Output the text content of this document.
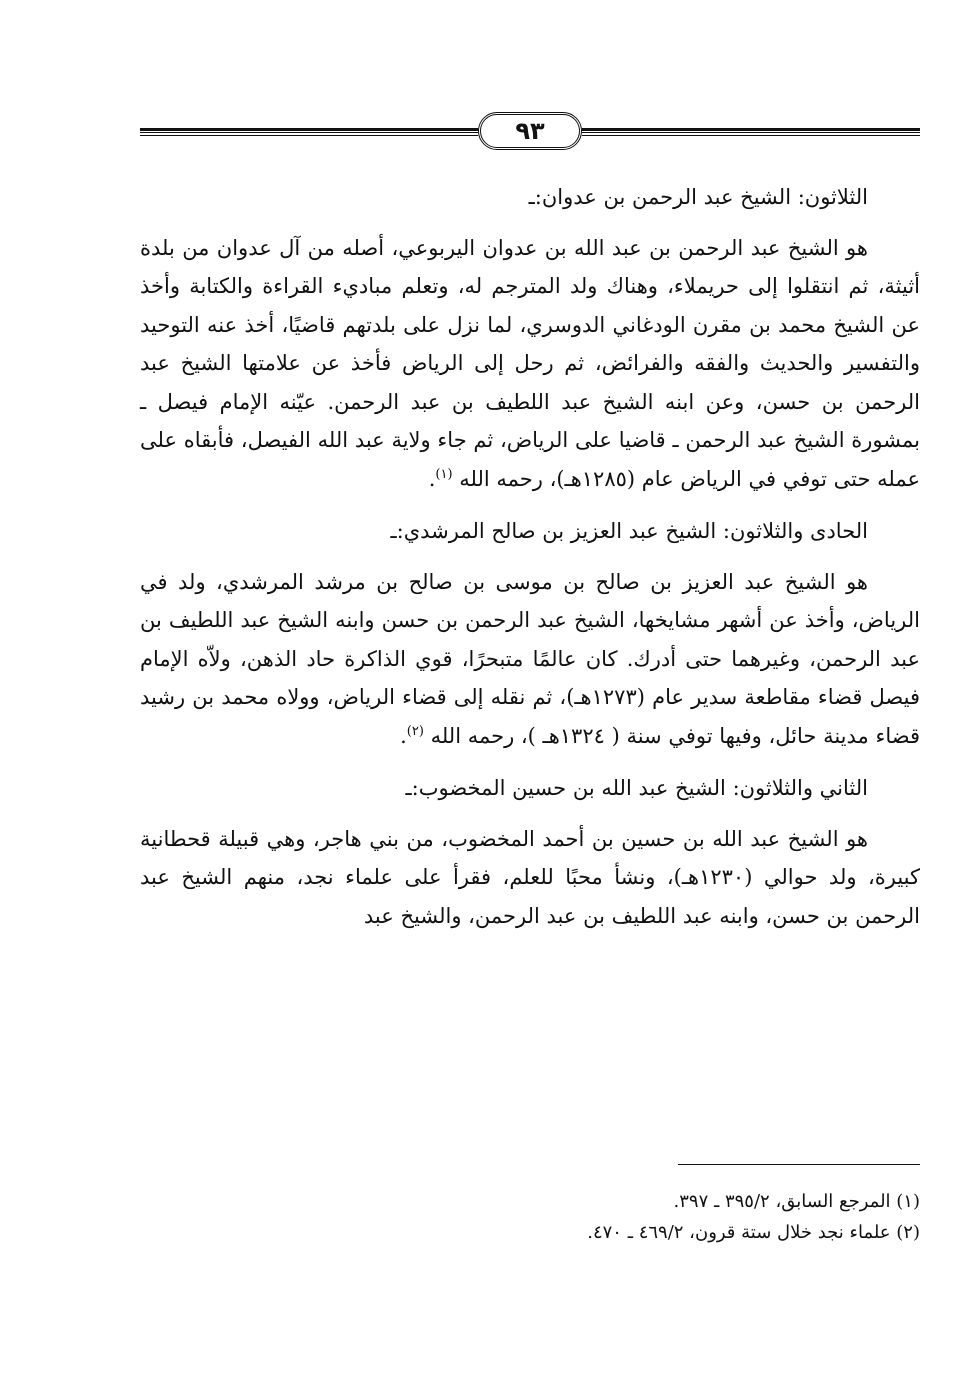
٩٣
الثلاثون: الشيخ عبد الرحمن بن عدوان:ـ

هو الشيخ عبد الرحمن بن عبد الله بن عدوان اليربوعي، أصله من آل عدوان من بلدة أثيثة، ثم انتقلوا إلى حريملاء، وهناك ولد المترجم له، وتعلم مباديء القراءة والكتابة وأخذ عن الشيخ محمد بن مقرن الودغاني الدوسري، لما نزل على بلدتهم قاضيًا، أخذ عنه التوحيد والتفسير والحديث والفقه والفرائض، ثم رحل إلى الرياض فأخذ عن علامتها الشيخ عبد الرحمن بن حسن، وعن ابنه الشيخ عبد اللطيف بن عبد الرحمن. عيّنه الإمام فيصل ـ بمشورة الشيخ عبد الرحمن ـ قاضيا على الرياض، ثم جاء ولاية عبد الله الفيصل، فأبقاه على عمله حتى توفي في الرياض عام (١٢٨٥هـ)، رحمه الله $^{(١)}$.

الحادى والثلاثون: الشيخ عبد العزيز بن صالح المرشدي:ـ

هو الشيخ عبد العزيز بن صالح بن موسى بن صالح بن مرشد المرشدي، ولد في الرياض، وأخذ عن أشهر مشايخها، الشيخ عبد الرحمن بن حسن وابنه الشيخ عبد اللطيف بن عبد الرحمن، وغيرهما حتى أدرك. كان عالمًا متبحرًا، قوي الذاكرة حاد الذهن، ولاّه الإمام فيصل قضاء مقاطعة سدير عام (١٢٧٣هـ)، ثم نقله إلى قضاء الرياض، وولاه محمد بن رشيد قضاء مدينة حائل، وفيها توفي سنة ( ١٣٢٤هـ )، رحمه الله $^{(٢)}$.

الثاني والثلاثون: الشيخ عبد الله بن حسين المخضوب:ـ

هو الشيخ عبد الله بن حسين بن أحمد المخضوب، من بني هاجر، وهي قبيلة قحطانية كبيرة، ولد حوالي (١٢٣٠هـ)، ونشأ محبًا للعلم، فقرأ على علماء نجد، منهم الشيخ عبد الرحمن بن حسن، وابنه عبد اللطيف بن عبد الرحمن، والشيخ عبد

(١) المرجع السابق، ٣٩٥/٢ ـ ٣٩٧.

(٢) علماء نجد خلال ستة قرون، ٤٦٩/٢ ـ ٤٧٠.
